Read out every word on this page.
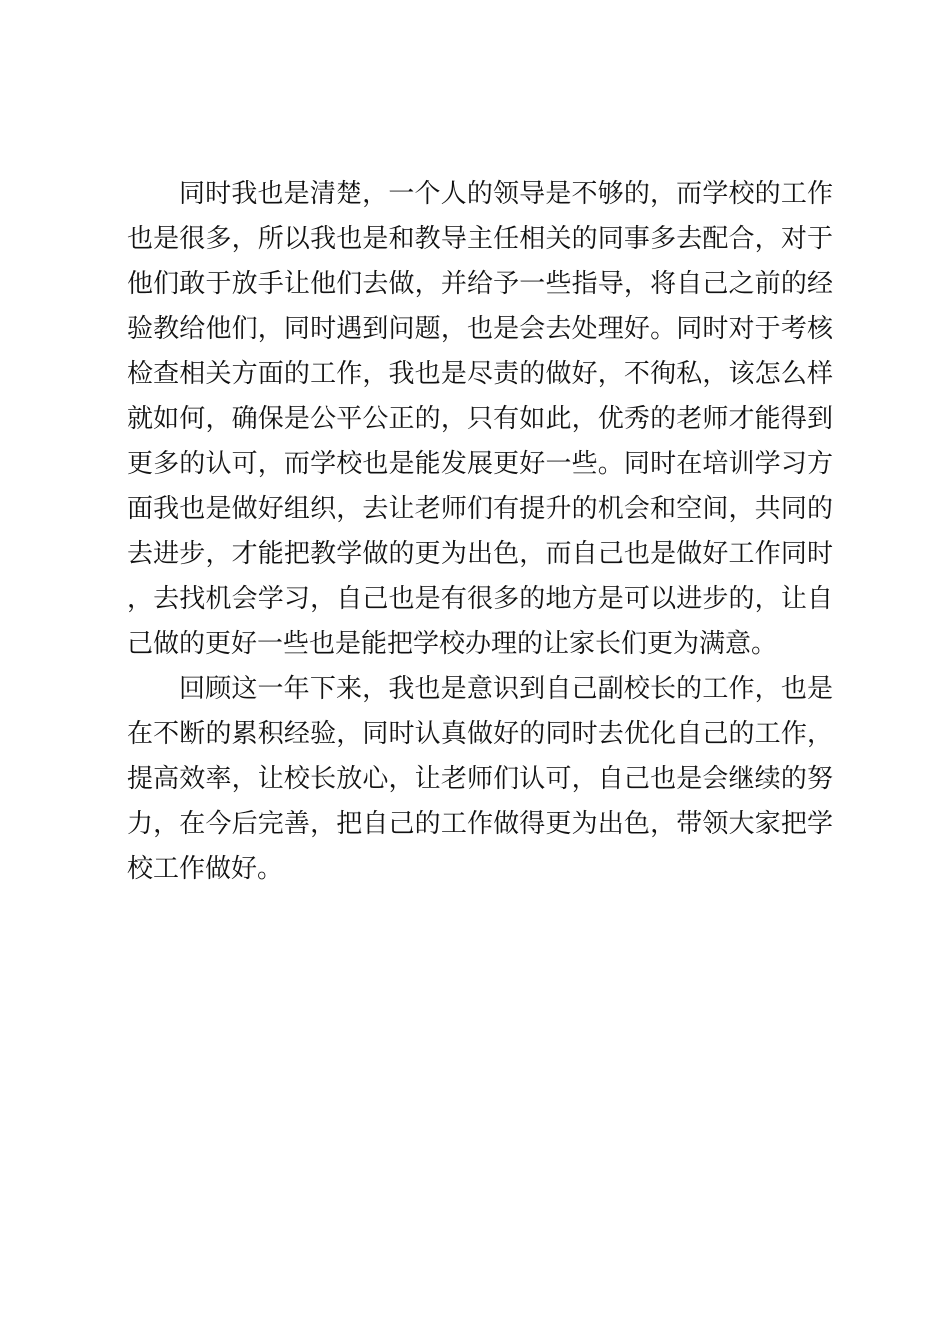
同时我也是清楚，一个人的领导是不够的，而学校的工作也是很多，所以我也是和教导主任相关的同事多去配合，对于他们敢于放手让他们去做，并给予一些指导，将自己之前的经验教给他们，同时遇到问题，也是会去处理好。同时对于考核检查相关方面的工作，我也是尽责的做好，不徇私，该怎么样就如何，确保是公平公正的，只有如此，优秀的老师才能得到更多的认可，而学校也是能发展更好一些。同时在培训学习方面我也是做好组织，去让老师们有提升的机会和空间，共同的去进步，才能把教学做的更为出色，而自己也是做好工作同时，去找机会学习，自己也是有很多的地方是可以进步的，让自己做的更好一些也是能把学校办理的让家长们更为满意。

回顾这一年下来，我也是意识到自己副校长的工作，也是在不断的累积经验，同时认真做好的同时去优化自己的工作，提高效率，让校长放心，让老师们认可，自己也是会继续的努力，在今后完善，把自己的工作做得更为出色，带领大家把学校工作做好。
